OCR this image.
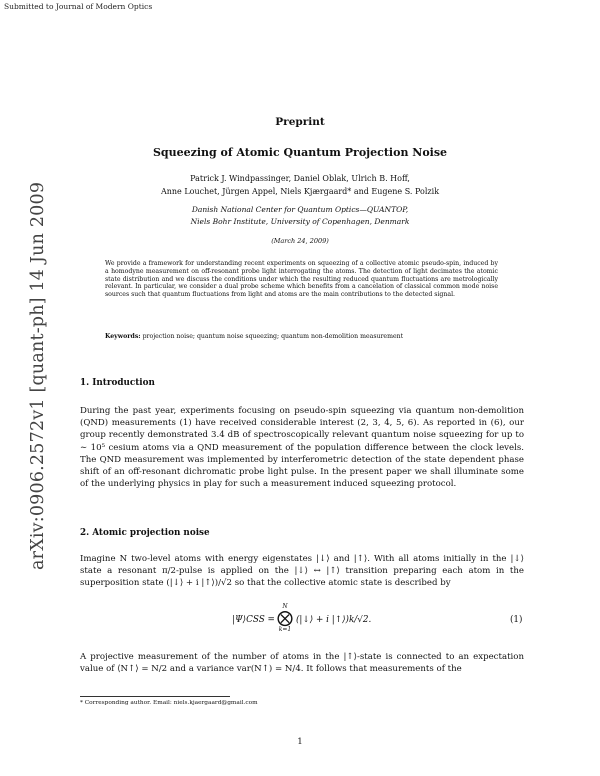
Submitted to Journal of Modern Optics
arXiv:0906.2572v1 [quant-ph] 14 Jun 2009
Preprint
Squeezing of Atomic Quantum Projection Noise
Patrick J. Windpassinger, Daniel Oblak, Ulrich B. Hoff,
Anne Louchet, Jürgen Appel, Niels Kjærgaard* and Eugene S. Polzik
Danish National Center for Quantum Optics—QUANTOP,
Niels Bohr Institute, University of Copenhagen, Denmark
(March 24, 2009)
We provide a framework for understanding recent experiments on squeezing of a collective atomic pseudo-spin, induced by a homodyne measurement on off-resonant probe light interrogating the atoms. The detection of light decimates the atomic state distribution and we discuss the conditions under which the resulting reduced quantum fluctuations are metrologically relevant. In particular, we consider a dual probe scheme which benefits from a cancelation of classical common mode noise sources such that quantum fluctuations from light and atoms are the main contributions to the detected signal.
Keywords: projection noise; quantum noise squeezing; quantum non-demolition measurement
1. Introduction
During the past year, experiments focusing on pseudo-spin squeezing via quantum non-demolition (QND) measurements (1) have received considerable interest (2, 3, 4, 5, 6). As reported in (6), our group recently demonstrated 3.4 dB of spectroscopically relevant quantum noise squeezing for up to ∼ 10⁵ cesium atoms via a QND measurement of the population difference between the clock levels. The QND measurement was implemented by interferometric detection of the state dependent phase shift of an off-resonant dichromatic probe light pulse. In the present paper we shall illuminate some of the underlying physics in play for such a measurement induced squeezing protocol.
2. Atomic projection noise
Imagine N two-level atoms with energy eigenstates |↓⟩ and |↑⟩. With all atoms initially in the |↓⟩ state a resonant π/2-pulse is applied on the |↓⟩ ↔ |↑⟩ transition preparing each atom in the superposition state (|↓⟩ + i |↑⟩)/√2 so that the collective atomic state is described by
|Ψ⟩CSS =
N
⨂
k=1
(|↓⟩ + i |↑⟩)k/√2.	(1)
A projective measurement of the number of atoms in the |↑⟩-state is connected to an expectation value of ⟨N↑⟩ = N/2 and a variance var(N↑) = N/4. It follows that measurements of the
* Corresponding author. Email: niels.kjaergaard@gmail.com
1
